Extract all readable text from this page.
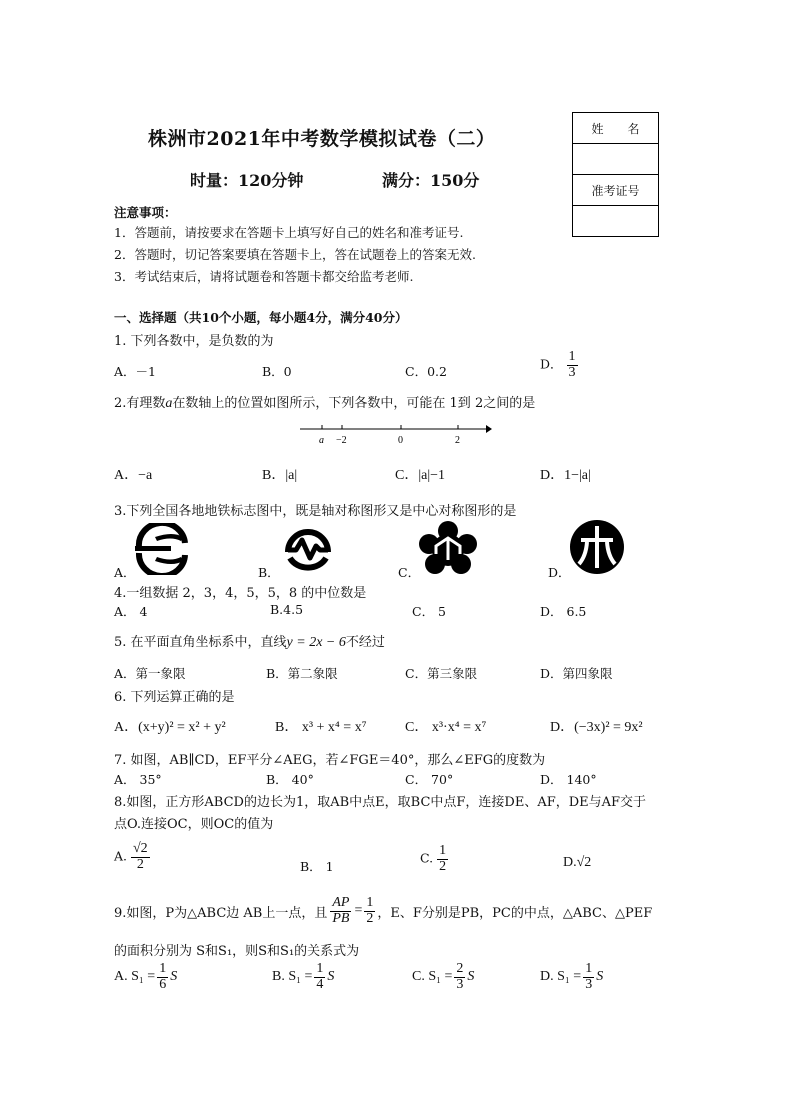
株洲市2021年中考数学模拟试卷（二）
时量：120分钟	满分：150分
姓　　名

准考证号

注意事项：
1．答题前，请按要求在答题卡上填写好自己的姓名和准考证号.
2．答题时，切记答案要填在答题卡上，答在试题卷上的答案无效.
3．考试结束后，请将试题卷和答题卡都交给监考老师.
一、选择题（共10个小题，每小题4分，满分40分）
1. 下列各数中，是负数的为
A．－1	B．0	C．0.2	D． $\frac{1}{3}$
2.有理数a在数轴上的位置如图所示，下列各数中，可能在 1到 2之间的是
a −2	0	2
A．−a	B．|a|	C．|a|−1	D．1−|a|
3.下列全国各地地铁标志图中，既是轴对称图形又是中心对称图形的是
A．	B．	C．	D．
4.一组数据 2，3，4，5，5，8 的中位数是
A． 4	B.4.5	C． 5	D． 6.5
5. 在平面直角坐标系中，直线y = 2x − 6不经过
A．第一象限	B．第二象限	C．第三象限	D．第四象限
6. 下列运算正确的是
A．(x+y)² = x² + y²	B． x³ + x⁴ = x⁷	C． x³·x⁴ = x⁷	D．(−3x)² = 9x²
7. 如图，AB∥CD，EF平分∠AEG，若∠FGE＝40°，那么∠EFG的度数为
A． 35°	B． 40°	C． 70°	D． 140°
8.如图，正方形ABCD的边长为1，取AB中点E，取BC中点F，连接DE、AF，DE与AF交于
点O.连接OC，则OC的值为
A. $\frac{√2}{2}$	B． 1
C. $\frac{1}{2}$	D.√2
9.如图，P为△ABC边 AB上一点，且 $\frac{AP}{PB} = \frac{1}{2}$ ，E、F分别是PB，PC的中点，△ABC、△PEF
的面积分别为 S和S₁，则S和S₁的关系式为
A. $S_1 = \frac{1}{6}$ S	B. $S_1 = \frac{1}{4}$ S	C. $S_1 = \frac{2}{3}$ S	D. $S_1 = \frac{1}{3}$ S
